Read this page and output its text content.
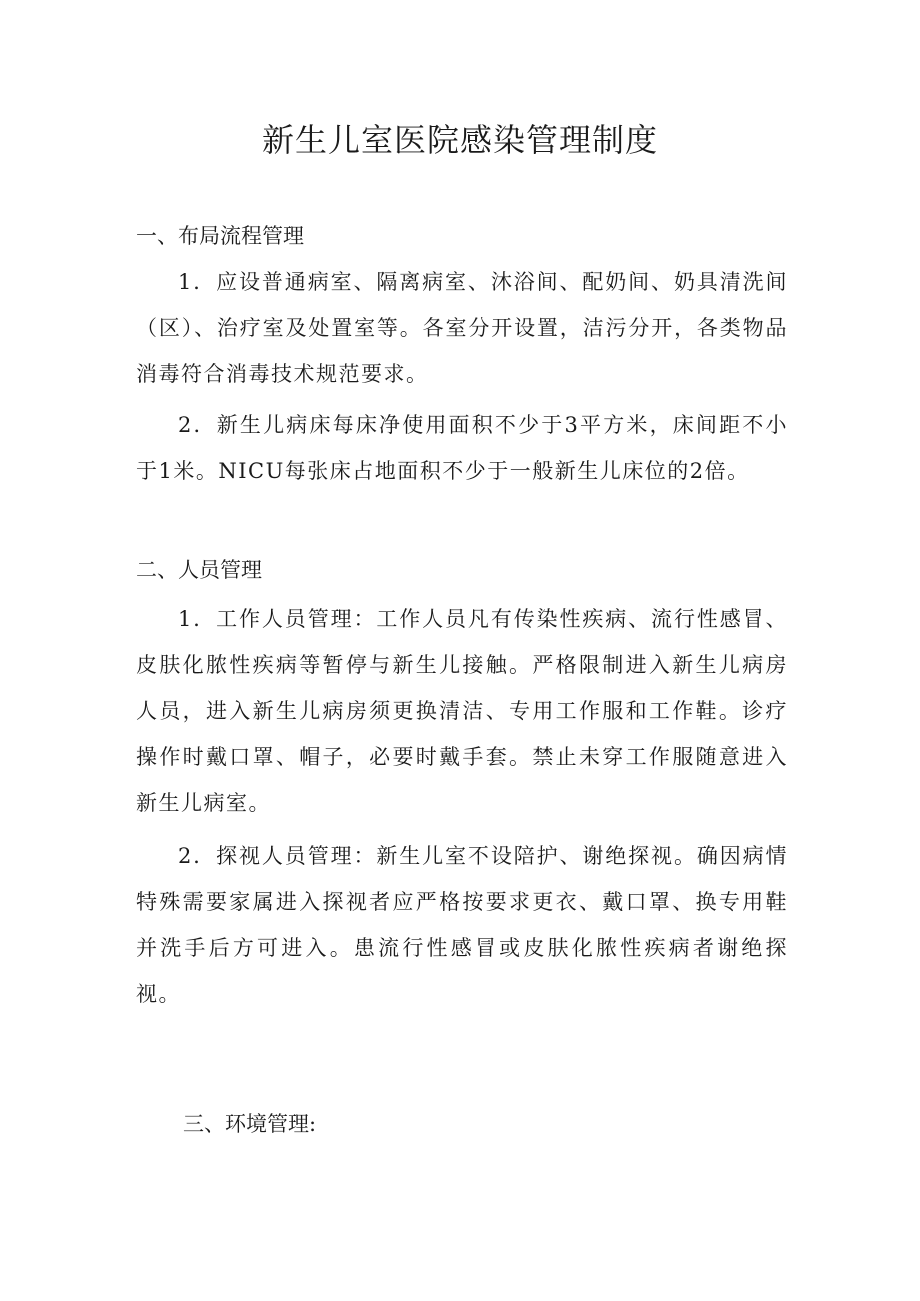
新生儿室医院感染管理制度
一、布局流程管理

1．应设普通病室、隔离病室、沐浴间、配奶间、奶具清洗间（区）、治疗室及处置室等。各室分开设置，洁污分开，各类物品消毒符合消毒技术规范要求。

2．新生儿病床每床净使用面积不少于3平方米，床间距不小于1米。NICU每张床占地面积不少于一般新生儿床位的2倍。

二、人员管理

1．工作人员管理：工作人员凡有传染性疾病、流行性感冒、皮肤化脓性疾病等暂停与新生儿接触。严格限制进入新生儿病房人员，进入新生儿病房须更换清洁、专用工作服和工作鞋。诊疗操作时戴口罩、帽子，必要时戴手套。禁止未穿工作服随意进入新生儿病室。

2．探视人员管理：新生儿室不设陪护、谢绝探视。确因病情特殊需要家属进入探视者应严格按要求更衣、戴口罩、换专用鞋并洗手后方可进入。患流行性感冒或皮肤化脓性疾病者谢绝探视。

三、环境管理:
